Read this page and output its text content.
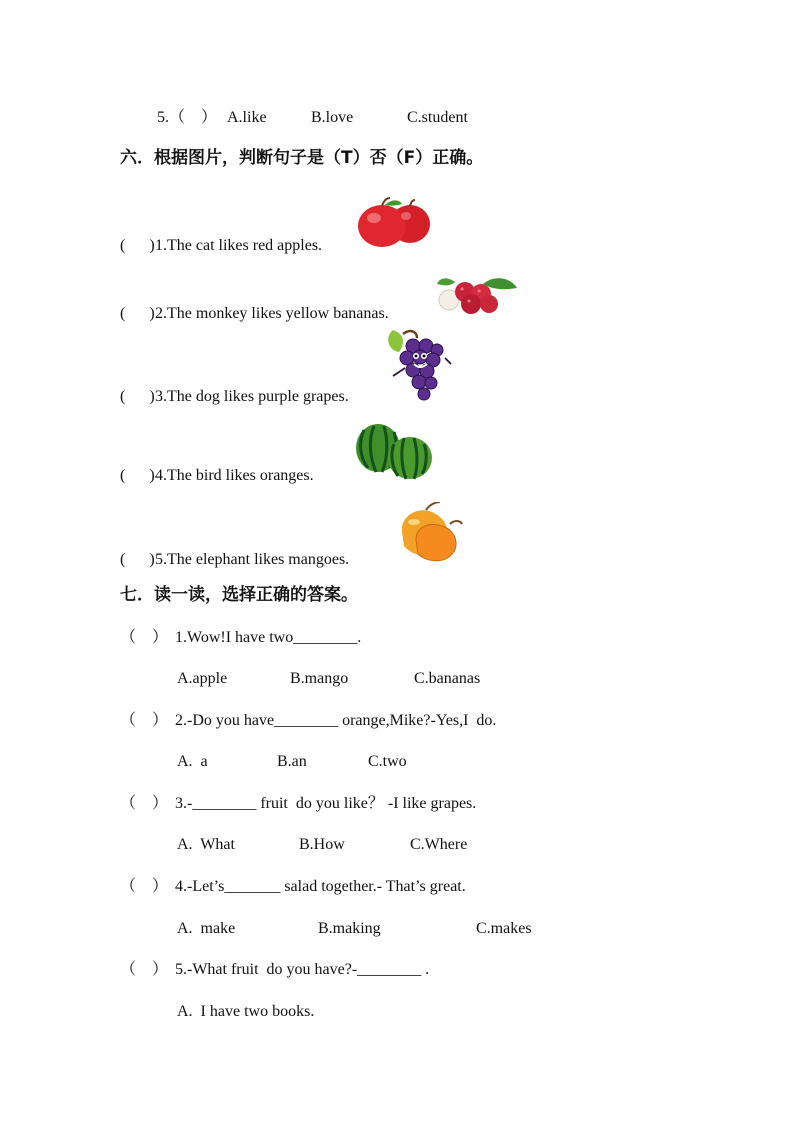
5.（    ） A.like	B.love	C.student
六．根据图片，判断句子是（T）否（F）正确。
(      ) 1.The cat likes red apples.
(      ) 2.The monkey likes yellow bananas.
(      ) 3.The dog likes purple grapes.
(      ) 4.The bird likes oranges.
(      ) 5.The elephant likes mangoes.
七．读一读，选择正确的答案。
（    ） 1.Wow!I have two________.
A.apple	B.mango	C.bananas
（    ） 2.-Do you have________ orange,Mike?-Yes,I  do.
A.  a	B.an	C.two
（    ） 3.-________ fruit  do you like？ -I like grapes.
A.  What	B.How	C.Where
（    ） 4.-Let’s_______ salad together.- That’s great.
A.  make	B.making	C.makes
（    ） 5.-What fruit  do you have?-________ .
A.  I have two books.
